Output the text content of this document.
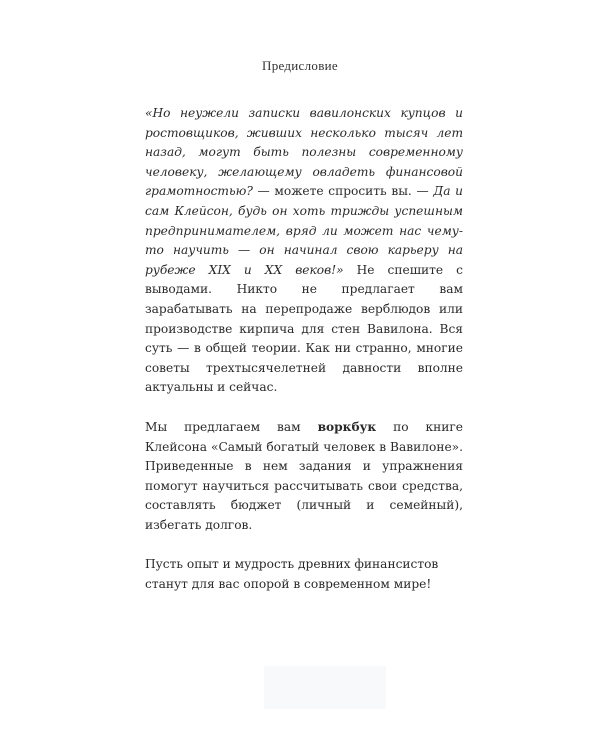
Предисловие

«Но неужели записки вавилонских купцов и ростовщиков, живших несколько тысяч лет назад, могут быть полезны современному человеку, желающему овладеть финансовой грамотностью? — можете спросить вы. — Да и сам Клейсон, будь он хоть трижды успешным предпринимателем, вряд ли может нас чему-то научить — он начинал свою карьеру на рубеже XIX и XX веков!» Не спешите с выводами. Никто не предлагает вам зарабатывать на перепродаже верблюдов или производстве кирпича для стен Вавилона. Вся суть — в общей теории. Как ни странно, многие советы трехтысячелетней давности вполне актуальны и сейчас.

Мы предлагаем вам воркбук по книге Клейсона «Самый богатый человек в Вавилоне». Приведенные в нем задания и упражнения помогут научиться рассчитывать свои средства, составлять бюджет (личный и семейный), избегать долгов.

Пусть опыт и мудрость древних финансистов станут для вас опорой в современном мире!
